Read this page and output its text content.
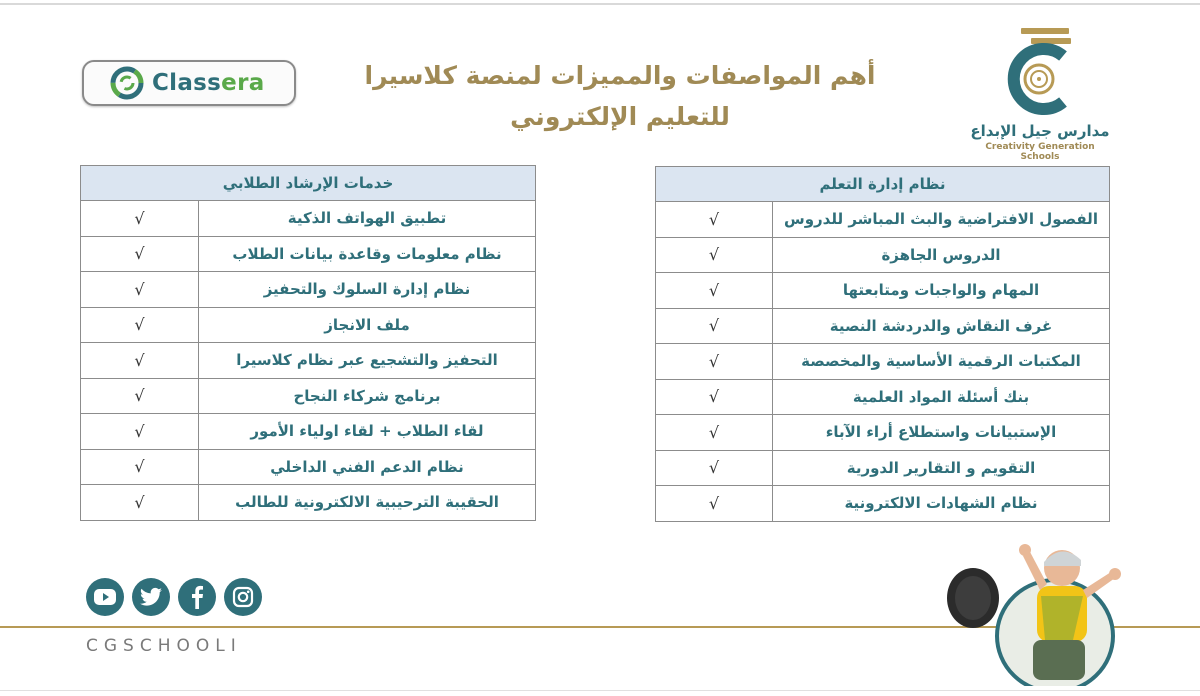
Classera	أهم المواصفات والمميزات لمنصة كلاسيرا
للتعليم الإلكتروني	مدارس جيل الإبداع
Creativity Generation Schools
خدمات الإرشاد الطلابي	
تطبيق الهواتف الذكية	√
نظام معلومات وقاعدة بيانات الطلاب	√
نظام إدارة السلوك والتحفيز	√
ملف الانجاز	√
التحفيز والتشجيع عبر نظام كلاسيرا	√
برنامج شركاء النجاح	√
لقاء الطلاب + لقاء اولياء الأمور	√
نظام الدعم الفني الداخلي	√
الحقيبة الترحيبية الالكترونية للطالب	√
نظام إدارة التعلم	
الفصول الافتراضية والبث المباشر للدروس	√
الدروس الجاهزة	√
المهام والواجبات ومتابعتها	√
غرف النقاش والدردشة النصية	√
المكتبات الرقمية الأساسية والمخصصة	√
بنك أسئلة المواد العلمية	√
الإستبيانات واستطلاع أراء الآباء	√
التقويم و التقارير الدورية	√
نظام الشهادات الالكترونية	√
CGSCHOOLI
